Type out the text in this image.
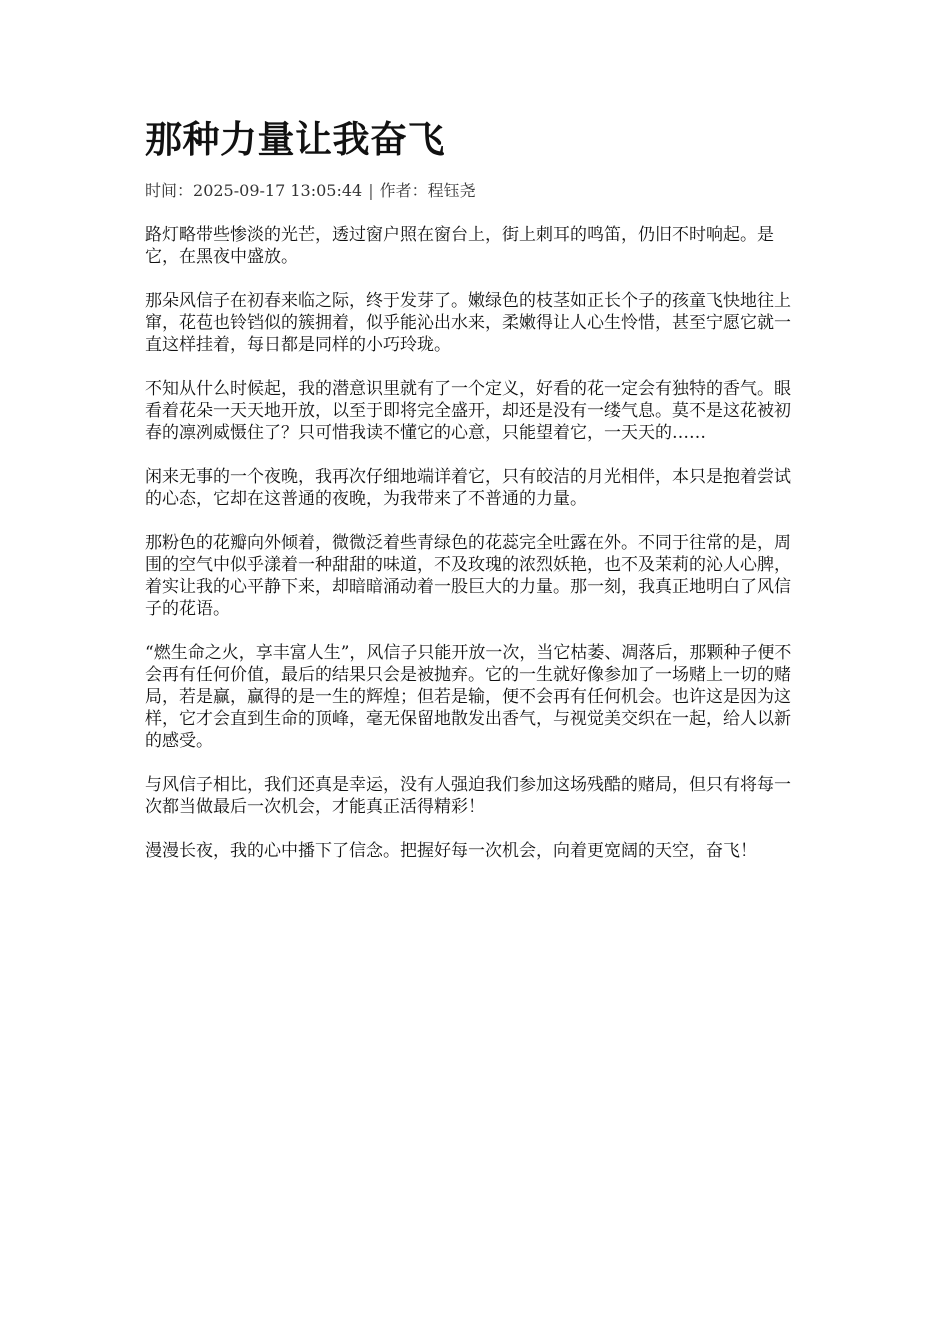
那种力量让我奋飞
时间：2025-09-17 13:05:44 | 作者：程钰尧

路灯略带些惨淡的光芒，透过窗户照在窗台上，街上刺耳的鸣笛，仍旧不时响起。是它，在黑夜中盛放。

那朵风信子在初春来临之际，终于发芽了。嫩绿色的枝茎如正长个子的孩童飞快地往上窜，花苞也铃铛似的簇拥着，似乎能沁出水来，柔嫩得让人心生怜惜，甚至宁愿它就一直这样挂着，每日都是同样的小巧玲珑。

不知从什么时候起，我的潜意识里就有了一个定义，好看的花一定会有独特的香气。眼看着花朵一天天地开放，以至于即将完全盛开，却还是没有一缕气息。莫不是这花被初春的凛冽威慑住了？只可惜我读不懂它的心意，只能望着它，一天天的……

闲来无事的一个夜晚，我再次仔细地端详着它，只有皎洁的月光相伴，本只是抱着尝试的心态，它却在这普通的夜晚，为我带来了不普通的力量。

那粉色的花瓣向外倾着，微微泛着些青绿色的花蕊完全吐露在外。不同于往常的是，周围的空气中似乎漾着一种甜甜的味道，不及玫瑰的浓烈妖艳，也不及茉莉的沁人心脾，着实让我的心平静下来，却暗暗涌动着一股巨大的力量。那一刻，我真正地明白了风信子的花语。

“燃生命之火，享丰富人生”，风信子只能开放一次，当它枯萎、凋落后，那颗种子便不会再有任何价值，最后的结果只会是被抛弃。它的一生就好像参加了一场赌上一切的赌局，若是赢，赢得的是一生的辉煌；但若是输，便不会再有任何机会。也许这是因为这样，它才会直到生命的顶峰，毫无保留地散发出香气，与视觉美交织在一起，给人以新的感受。

与风信子相比，我们还真是幸运，没有人强迫我们参加这场残酷的赌局，但只有将每一次都当做最后一次机会，才能真正活得精彩！

漫漫长夜，我的心中播下了信念。把握好每一次机会，向着更宽阔的天空，奋飞！
